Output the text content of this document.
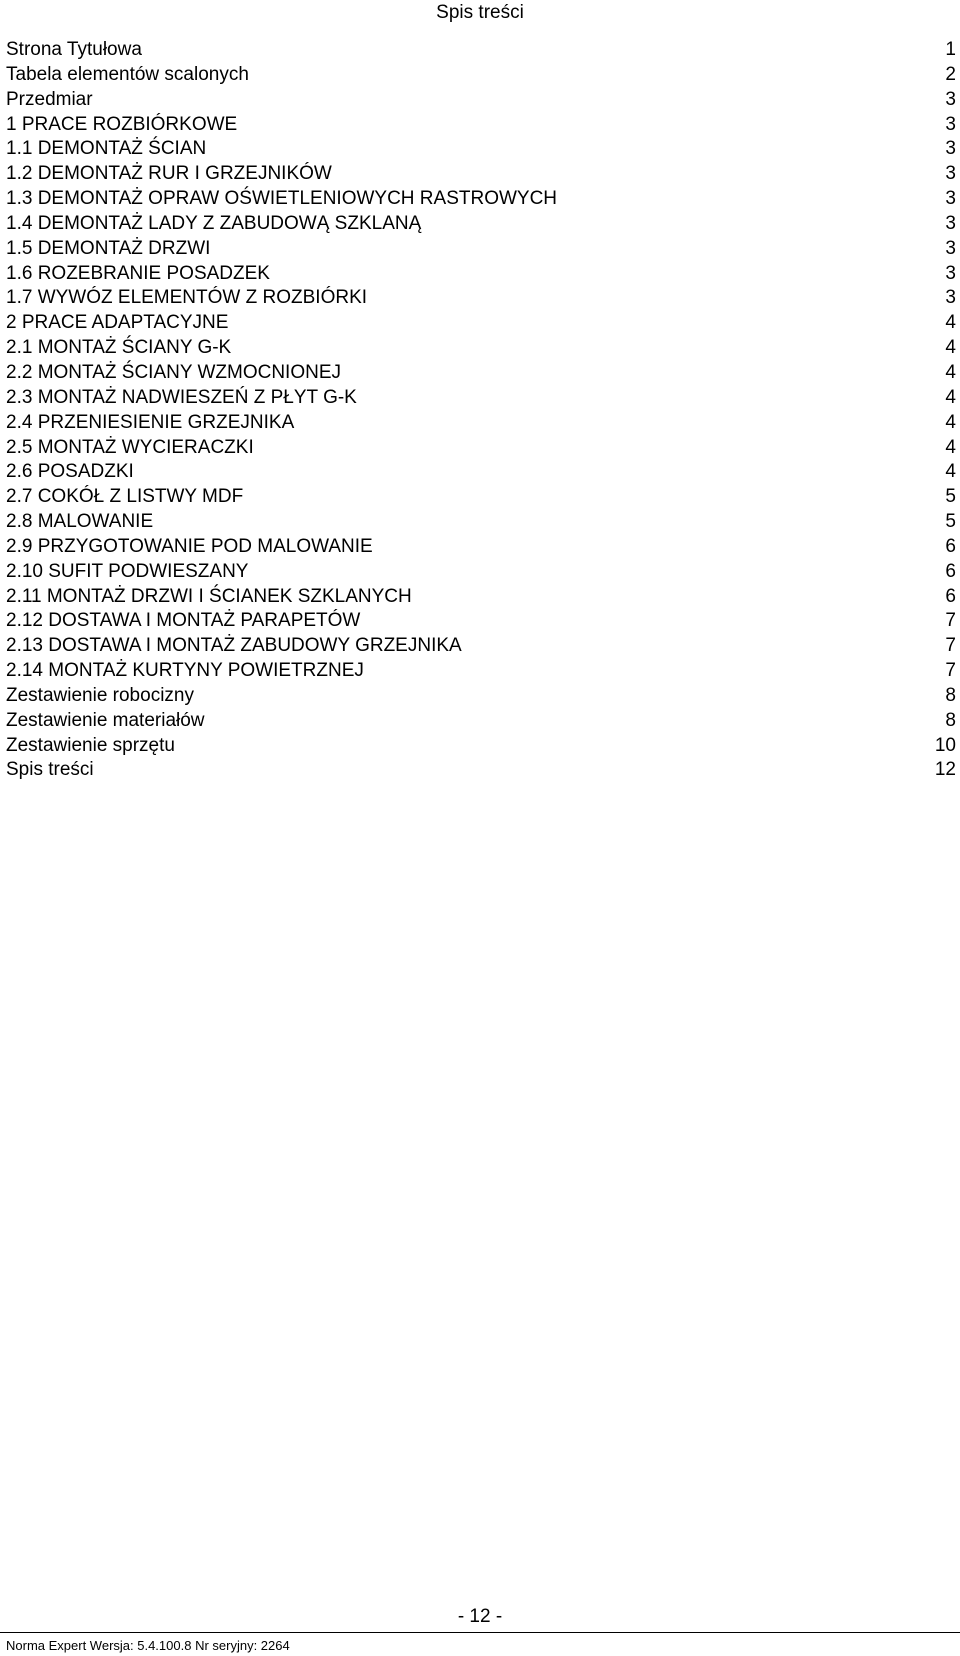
Spis treści
Strona Tytułowa	1
Tabela elementów scalonych	2
Przedmiar	3
1 PRACE ROZBIÓRKOWE	3
1.1 DEMONTAŻ ŚCIAN	3
1.2 DEMONTAŻ RUR I GRZEJNIKÓW	3
1.3 DEMONTAŻ OPRAW OŚWIETLENIOWYCH RASTROWYCH	3
1.4 DEMONTAŻ LADY Z ZABUDOWĄ SZKLANĄ	3
1.5 DEMONTAŻ DRZWI	3
1.6 ROZEBRANIE POSADZEK	3
1.7 WYWÓZ ELEMENTÓW Z ROZBIÓRKI	3
2 PRACE ADAPTACYJNE	4
2.1 MONTAŻ ŚCIANY G-K	4
2.2 MONTAŻ ŚCIANY WZMOCNIONEJ	4
2.3 MONTAŻ NADWIESZEŃ Z PŁYT G-K	4
2.4 PRZENIESIENIE GRZEJNIKA	4
2.5 MONTAŻ WYCIERACZKI	4
2.6 POSADZKI	4
2.7 COKÓŁ Z LISTWY MDF	5
2.8 MALOWANIE	5
2.9 PRZYGOTOWANIE POD MALOWANIE	6
2.10 SUFIT PODWIESZANY	6
2.11 MONTAŻ DRZWI I ŚCIANEK SZKLANYCH	6
2.12 DOSTAWA I MONTAŻ PARAPETÓW	7
2.13 DOSTAWA I MONTAŻ ZABUDOWY GRZEJNIKA	7
2.14 MONTAŻ KURTYNY POWIETRZNEJ	7
Zestawienie robocizny	8
Zestawienie materiałów	8
Zestawienie sprzętu	10
Spis treści	12
- 12 -
Norma Expert Wersja: 5.4.100.8 Nr seryjny: 2264
